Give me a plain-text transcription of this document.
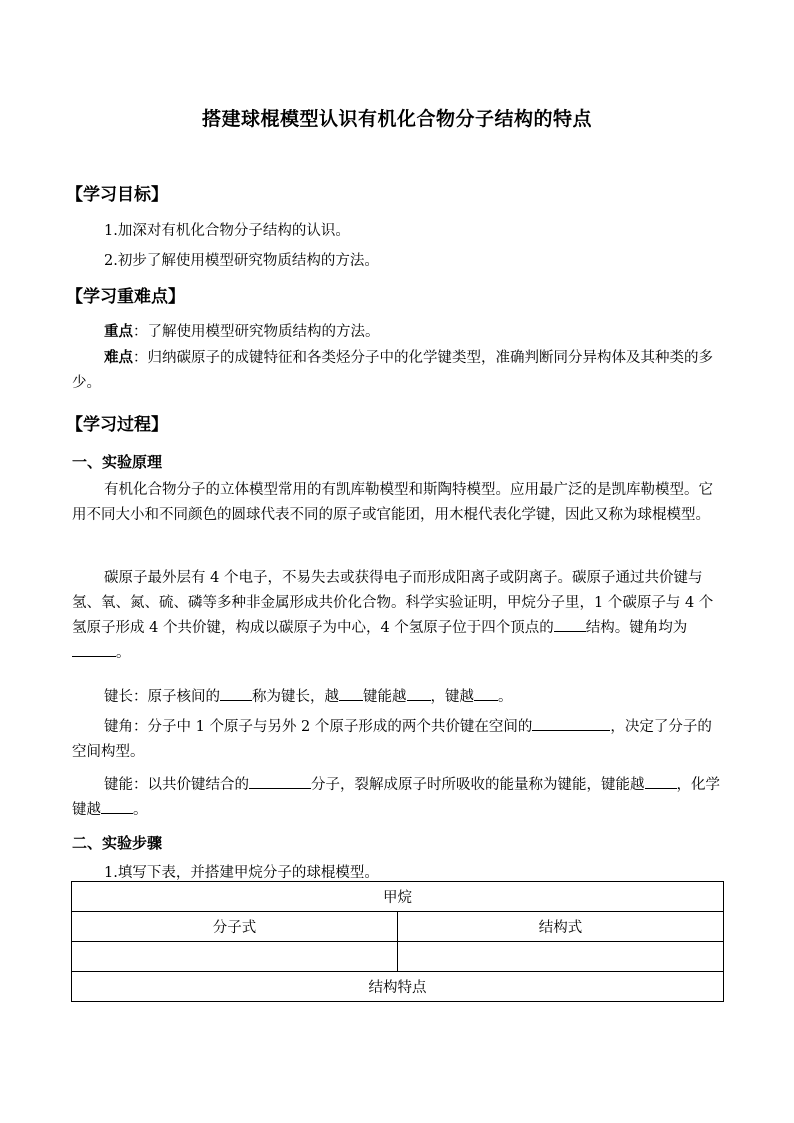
搭建球棍模型认识有机化合物分子结构的特点
【学习目标】
1.加深对有机化合物分子结构的认识。
2.初步了解使用模型研究物质结构的方法。
【学习重难点】
重点：了解使用模型研究物质结构的方法。
难点：归纳碳原子的成键特征和各类烃分子中的化学键类型，准确判断同分异构体及其种类的多少。
【学习过程】
一、实验原理
有机化合物分子的立体模型常用的有凯库勒模型和斯陶特模型。应用最广泛的是凯库勒模型。它用不同大小和不同颜色的圆球代表不同的原子或官能团，用木棍代表化学键，因此又称为球棍模型。
碳原子最外层有 4 个电子，不易失去或获得电子而形成阳离子或阴离子。碳原子通过共价键与氢、氧、氮、硫、磷等多种非金属形成共价化合物。科学实验证明，甲烷分子里，1 个碳原子与 4 个氢原子形成 4 个共价键，构成以碳原子为中心，4 个氢原子位于四个顶点的 结构。键角均为。
键长：原子核间的 称为键长，越 键能越 ，键越 。
键角：分子中 1 个原子与另外 2 个原子形成的两个共价键在空间的	，决定了分子的空间构型。
键能：以共价键结合的	分子，裂解成原子时所吸收的能量称为键能，键能越 ，化学键越 。
二、实验步骤
1.填写下表，并搭建甲烷分子的球棍模型。
甲烷	
分子式	结构式

结构特点	
